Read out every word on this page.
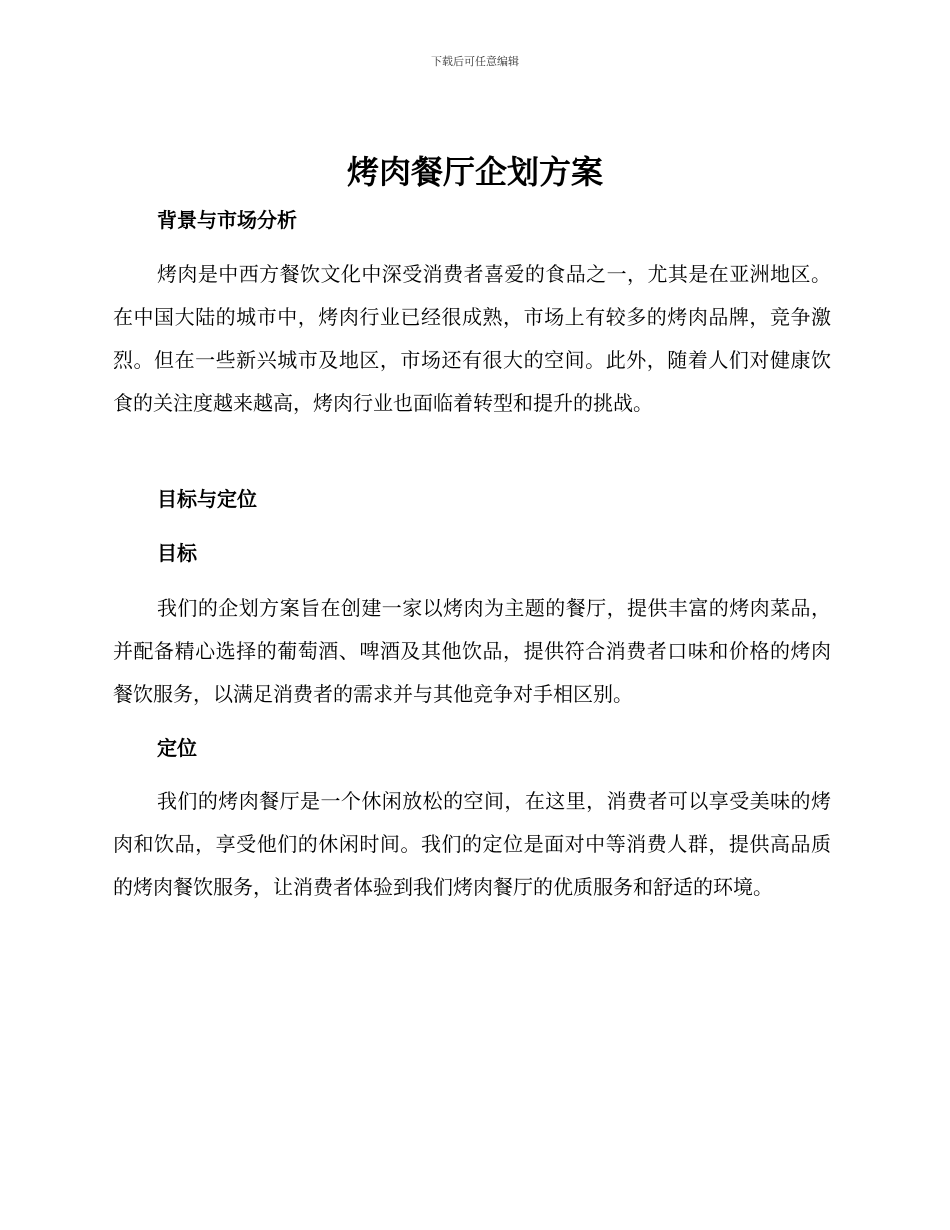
下载后可任意编辑
烤肉餐厅企划方案
背景与市场分析

烤肉是中西方餐饮文化中深受消费者喜爱的食品之一，尤其是在亚洲地区。在中国大陆的城市中，烤肉行业已经很成熟，市场上有较多的烤肉品牌，竞争激烈。但在一些新兴城市及地区，市场还有很大的空间。此外，随着人们对健康饮食的关注度越来越高，烤肉行业也面临着转型和提升的挑战。

目标与定位
目标

我们的企划方案旨在创建一家以烤肉为主题的餐厅，提供丰富的烤肉菜品，并配备精心选择的葡萄酒、啤酒及其他饮品，提供符合消费者口味和价格的烤肉餐饮服务，以满足消费者的需求并与其他竞争对手相区别。

定位

我们的烤肉餐厅是一个休闲放松的空间，在这里，消费者可以享受美味的烤肉和饮品，享受他们的休闲时间。我们的定位是面对中等消费人群，提供高品质的烤肉餐饮服务，让消费者体验到我们烤肉餐厅的优质服务和舒适的环境。
